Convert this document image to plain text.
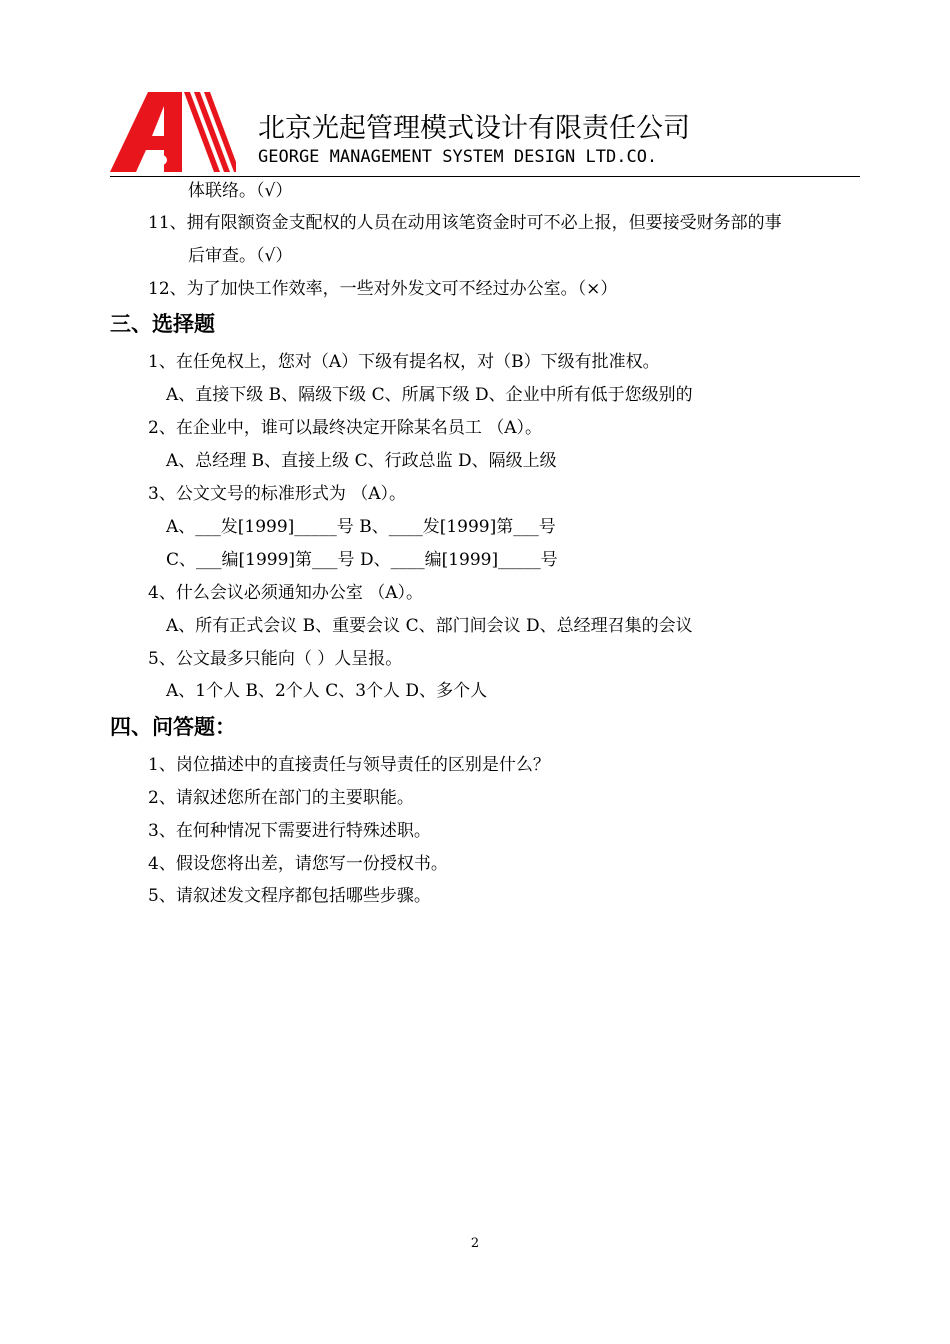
北京光起管理模式设计有限责任公司
GEORGE MANAGEMENT SYSTEM DESIGN LTD.CO.
体联络。（√）
11、拥有限额资金支配权的人员在动用该笔资金时可不必上报，但要接受财务部的事
后审查。（√）
12、为了加快工作效率，一些对外发文可不经过办公室。（×）
三、选择题
1、在任免权上，您对（A）下级有提名权，对（B）下级有批准权。
A、直接下级 B、隔级下级 C、所属下级 D、企业中所有低于您级别的
2、在企业中，谁可以最终决定开除某名员工 （A）。
A、总经理 B、直接上级 C、行政总监 D、隔级上级
3、公文文号的标准形式为 （A）。
A、___发[1999]_____号 B、____发[1999]第___号
C、___编[1999]第___号 D、____编[1999]_____号
4、什么会议必须通知办公室 （A）。
A、所有正式会议 B、重要会议 C、部门间会议 D、总经理召集的会议
5、公文最多只能向（ ）人呈报。
A、1个人 B、2个人 C、3个人 D、多个人
四、问答题：
1、岗位描述中的直接责任与领导责任的区别是什么？
2、请叙述您所在部门的主要职能。
3、在何种情况下需要进行特殊述职。
4、假设您将出差，请您写一份授权书。
5、请叙述发文程序都包括哪些步骤。
2
